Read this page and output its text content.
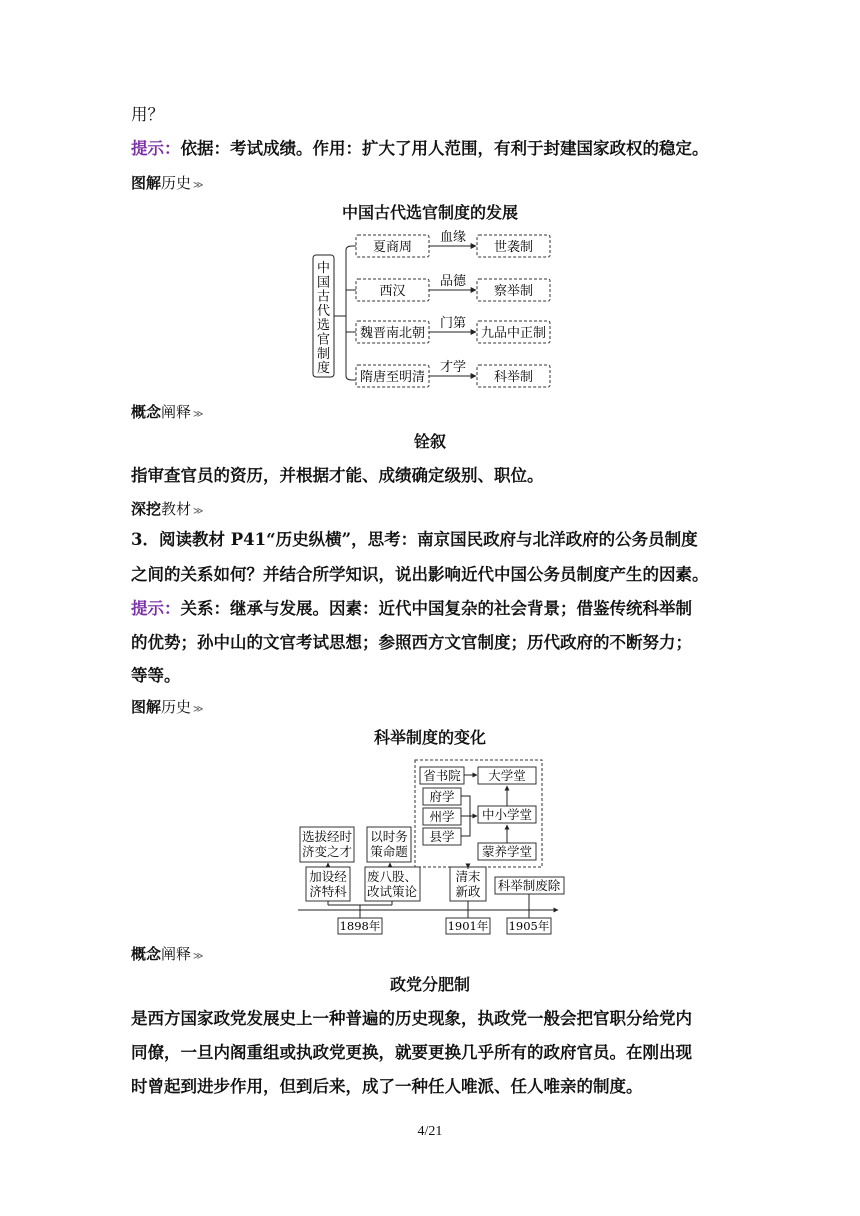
用？
提示：依据：考试成绩。作用：扩大了用人范围，有利于封建国家政权的稳定。
图解历史 ≫
中国古代选官制度的发展
中国古代选官制度
夏商周
血缘
世袭制
西汉
品德
察举制
魏晋南北朝
门第
九品中正制
隋唐至明清
才学
科举制
概念阐释 ≫
铨叙
指审查官员的资历，并根据才能、成绩确定级别、职位。
深挖教材 ≫
3．阅读教材 P41“历史纵横”，思考：南京国民政府与北洋政府的公务员制度
之间的关系如何？并结合所学知识，说出影响近代中国公务员制度产生的因素。
提示：关系：继承与发展。因素：近代中国复杂的社会背景；借鉴传统科举制
的优势；孙中山的文官考试思想；参照西方文官制度；历代政府的不断努力；
等等。
图解历史 ≫
科举制度的变化
省书院
府学
州学
县学
大学堂
中小学堂
蒙养学堂
选拔经时
济变之才
以时务
策命题
加设经
济特科
废八股、
改试策论
清末
新政 科举制废除
1898年	1901年 1905年
概念阐释 ≫
政党分肥制
是西方国家政党发展史上一种普遍的历史现象，执政党一般会把官职分给党内
同僚，一旦内阁重组或执政党更换，就要更换几乎所有的政府官员。在刚出现
时曾起到进步作用，但到后来，成了一种任人唯派、任人唯亲的制度。
4/21
